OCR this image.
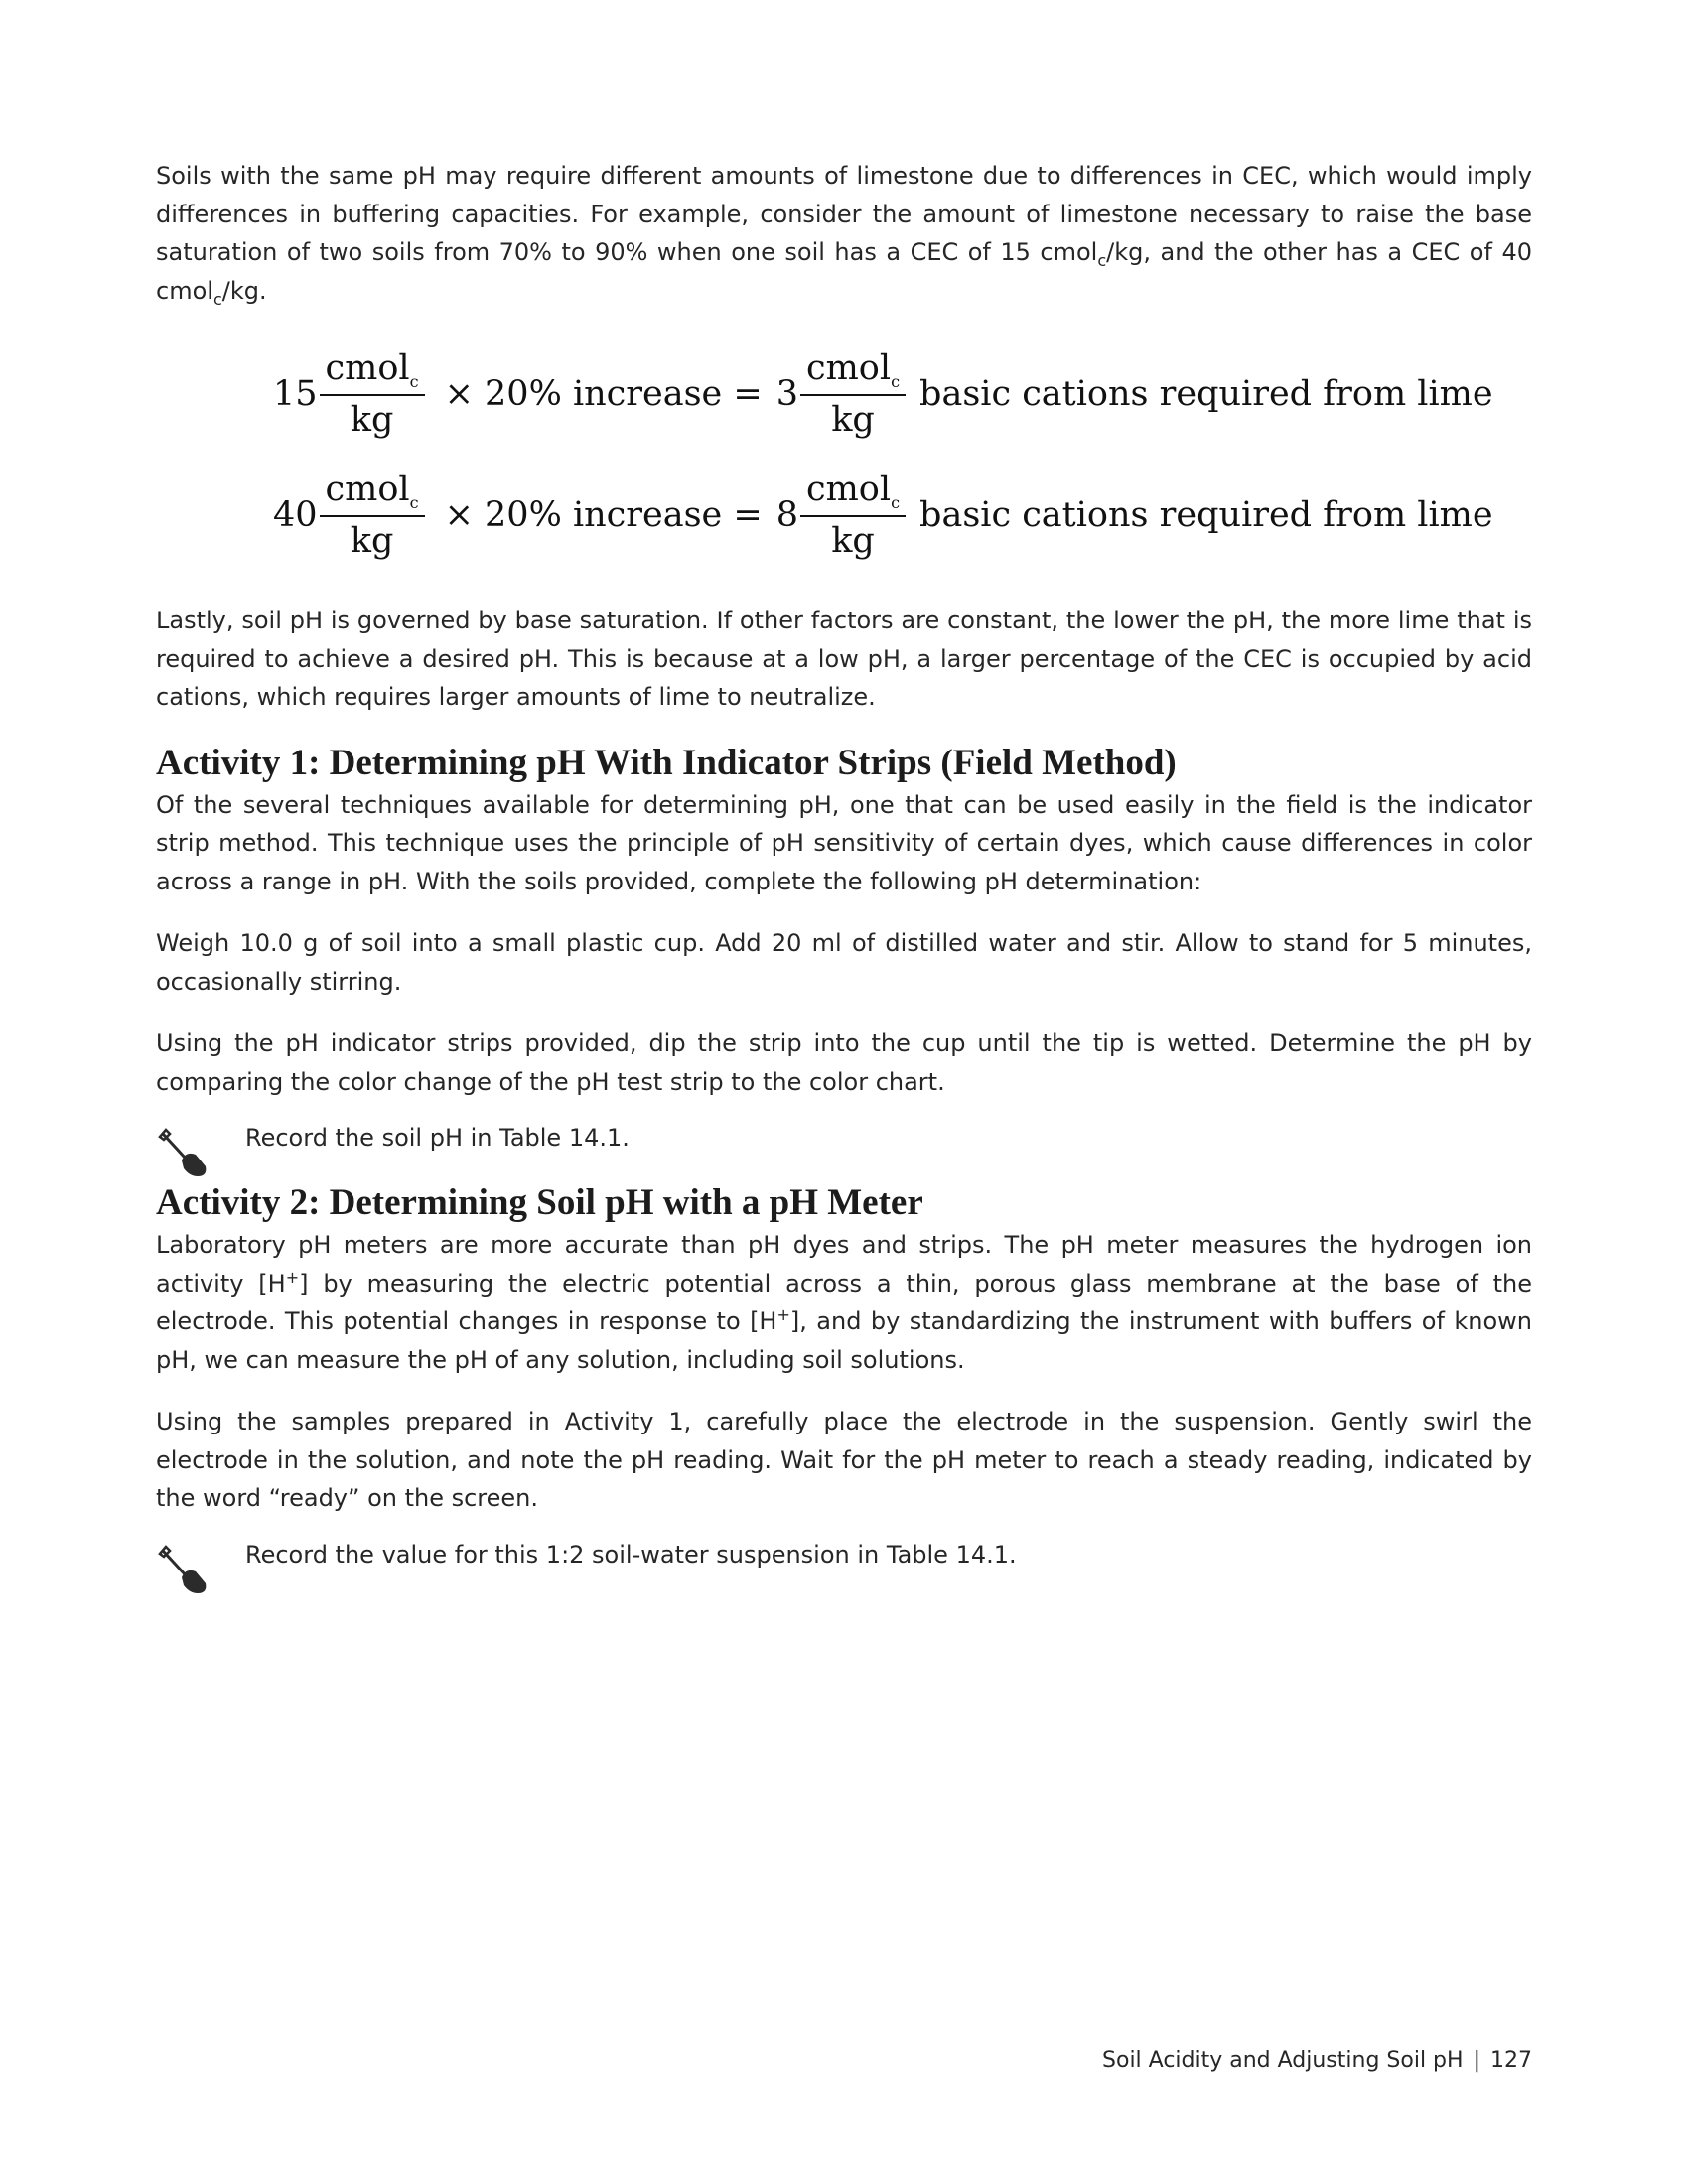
Soils with the same pH may require different amounts of limestone due to differences in CEC, which would imply differences in buffering capacities. For example, consider the amount of limestone necessary to raise the base saturation of two soils from 70% to 90% when one soil has a CEC of 15 cmol$_c$/kg, and the other has a CEC of 40 cmol$_c$/kg.

$15 \frac{cmol_c}{kg} \times 20\%$ increase = $3 \frac{cmol_c}{kg}$ basic cations required from lime
$40 \frac{cmol_c}{kg} \times 20\%$ increase = $8 \frac{cmol_c}{kg}$ basic cations required from lime

Lastly, soil pH is governed by base saturation. If other factors are constant, the lower the pH, the more lime that is required to achieve a desired pH. This is because at a low pH, a larger percentage of the CEC is occupied by acid cations, which requires larger amounts of lime to neutralize.

Activity 1: Determining pH With Indicator Strips (Field Method)

Of the several techniques available for determining pH, one that can be used easily in the field is the indicator strip method. This technique uses the principle of pH sensitivity of certain dyes, which cause differences in color across a range in pH. With the soils provided, complete the following pH determination:

Weigh 10.0 g of soil into a small plastic cup. Add 20 ml of distilled water and stir. Allow to stand for 5 minutes, occasionally stirring.

Using the pH indicator strips provided, dip the strip into the cup until the tip is wetted. Determine the pH by comparing the color change of the pH test strip to the color chart.

Record the soil pH in Table 14.1.
Activity 2: Determining Soil pH with a pH Meter

Laboratory pH meters are more accurate than pH dyes and strips. The pH meter measures the hydrogen ion activity [H+] by measuring the electric potential across a thin, porous glass membrane at the base of the electrode. This potential changes in response to [H+], and by standardizing the instrument with buffers of known pH, we can measure the pH of any solution, including soil solutions.

Using the samples prepared in Activity 1, carefully place the electrode in the suspension. Gently swirl the electrode in the solution, and note the pH reading. Wait for the pH meter to reach a steady reading, indicated by the word “ready” on the screen.

Record the value for this 1:2 soil-water suspension in Table 14.1.
Soil Acidity and Adjusting Soil pH | 127
